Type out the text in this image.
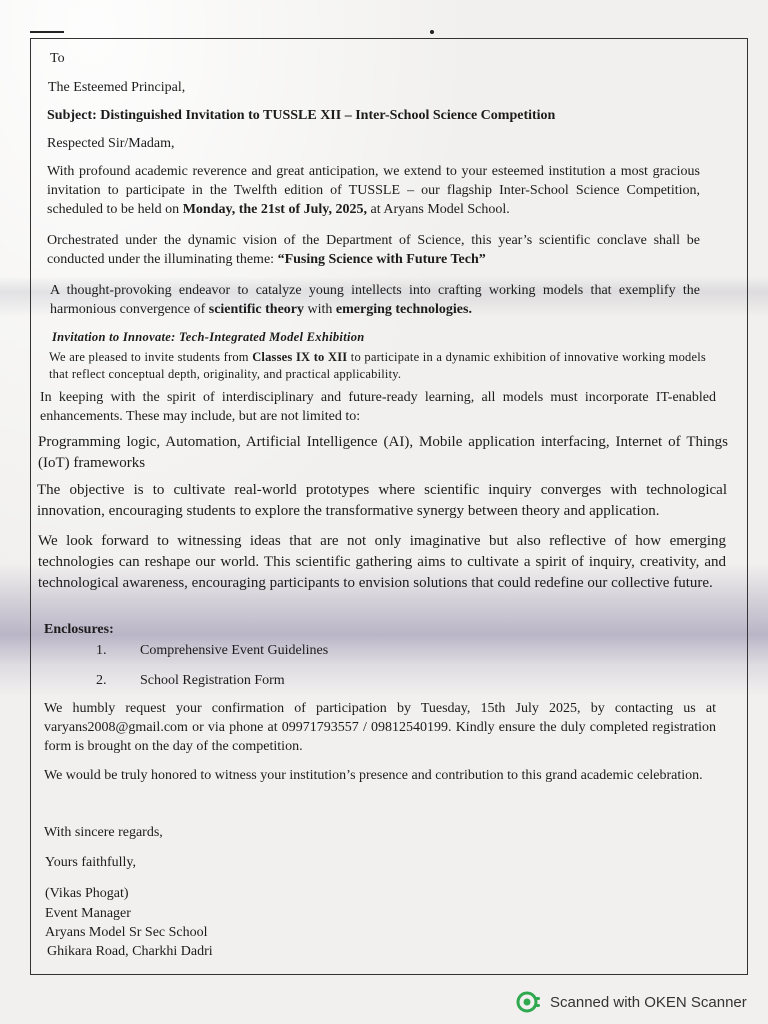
To
The Esteemed Principal,
Subject: Distinguished Invitation to TUSSLE XII – Inter-School Science Competition
Respected Sir/Madam,
With profound academic reverence and great anticipation, we extend to your esteemed institution a most gracious invitation to participate in the Twelfth edition of TUSSLE – our flagship Inter-School Science Competition, scheduled to be held on Monday, the 21st of July, 2025, at Aryans Model School.
Orchestrated under the dynamic vision of the Department of Science, this year’s scientific conclave shall be conducted under the illuminating theme: “Fusing Science with Future Tech”
A thought-provoking endeavor to catalyze young intellects into crafting working models that exemplify the harmonious convergence of scientific theory with emerging technologies.
Invitation to Innovate: Tech-Integrated Model Exhibition
We are pleased to invite students from Classes IX to XII to participate in a dynamic exhibition of innovative working models that reflect conceptual depth, originality, and practical applicability.
In keeping with the spirit of interdisciplinary and future-ready learning, all models must incorporate IT-enabled enhancements. These may include, but are not limited to:
Programming logic, Automation, Artificial Intelligence (AI), Mobile application interfacing, Internet of Things (IoT) frameworks
The objective is to cultivate real-world prototypes where scientific inquiry converges with technological innovation, encouraging students to explore the transformative synergy between theory and application.
We look forward to witnessing ideas that are not only imaginative but also reflective of how emerging technologies can reshape our world. This scientific gathering aims to cultivate a spirit of inquiry, creativity, and technological awareness, encouraging participants to envision solutions that could redefine our collective future.
Enclosures:
1. Comprehensive Event Guidelines
2. School Registration Form
We humbly request your confirmation of participation by Tuesday, 15th July 2025, by contacting us at varyans2008@gmail.com or via phone at 09971793557 / 09812540199. Kindly ensure the duly completed registration form is brought on the day of the competition.
We would be truly honored to witness your institution’s presence and contribution to this grand academic celebration.
With sincere regards,
Yours faithfully,
(Vikas Phogat)
Event Manager
Aryans Model Sr Sec School
Ghikara Road, Charkhi Dadri
Scanned with OKEN Scanner
